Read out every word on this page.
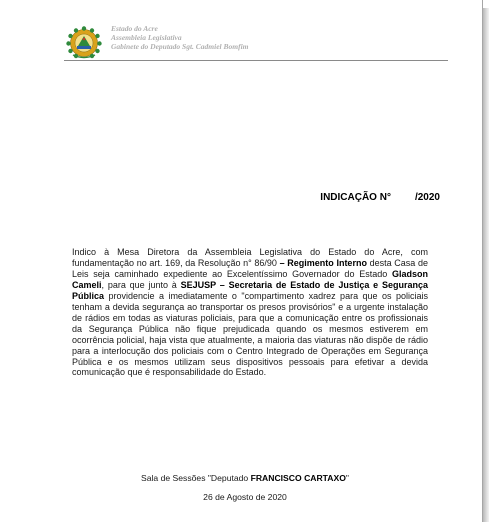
Estado do Acre
Assembleia Legislativa
Gabinete do Deputado Sgt. Cadmiel Bomfim
INDICAÇÃO N° /2020
Indico à Mesa Diretora da Assembleia Legislativa do Estado do Acre, com fundamentação no art. 169, da Resolução n° 86/90 – Regimento Interno desta Casa de Leis seja caminhado expediente ao Excelentíssimo Governador do Estado Gladson Cameli, para que junto à SEJUSP – Secretaria de Estado de Justiça e Segurança Pública providencie a imediatamente o "compartimento xadrez para que os policiais tenham a devida segurança ao transportar os presos provisórios" e a urgente instalação de rádios em todas as viaturas policiais, para que a comunicação entre os profissionais da Segurança Pública não fique prejudicada quando os mesmos estiverem em ocorrência policial, haja vista que atualmente, a maioria das viaturas não dispõe de rádio para a interlocução dos policiais com o Centro Integrado de Operações em Segurança Pública e os mesmos utilizam seus dispositivos pessoais para efetivar a devida comunicação que é responsabilidade do Estado.
Sala de Sessões "Deputado FRANCISCO CARTAXO"
26 de Agosto de 2020
